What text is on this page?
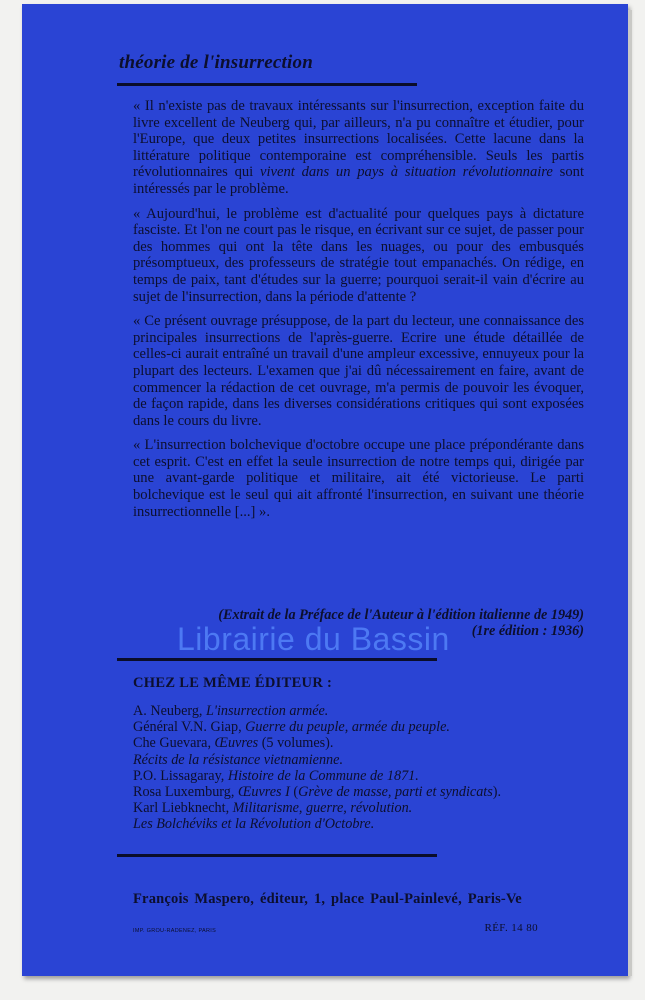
théorie de l'insurrection

« Il n'existe pas de travaux intéressants sur l'insurrection, exception faite du livre excellent de Neuberg qui, par ailleurs, n'a pu connaître et étudier, pour l'Europe, que deux petites insurrections localisées. Cette lacune dans la littérature politique contemporaine est compréhensible. Seuls les partis révolutionnaires qui vivent dans un pays à situation révolutionnaire sont intéressés par le problème.

« Aujourd'hui, le problème est d'actualité pour quelques pays à dictature fasciste. Et l'on ne court pas le risque, en écrivant sur ce sujet, de passer pour des hommes qui ont la tête dans les nuages, ou pour des embusqués présomptueux, des professeurs de stratégie tout empanachés. On rédige, en temps de paix, tant d'études sur la guerre; pourquoi serait-il vain d'écrire au sujet de l'insurrection, dans la période d'attente ?

« Ce présent ouvrage présuppose, de la part du lecteur, une connaissance des principales insurrections de l'après-guerre. Ecrire une étude détaillée de celles-ci aurait entraîné un travail d'une ampleur excessive, ennuyeux pour la plupart des lecteurs. L'examen que j'ai dû nécessairement en faire, avant de commencer la rédaction de cet ouvrage, m'a permis de pouvoir les évoquer, de façon rapide, dans les diverses considérations critiques qui sont exposées dans le cours du livre.

« L'insurrection bolchevique d'octobre occupe une place prépondérante dans cet esprit. C'est en effet la seule insurrection de notre temps qui, dirigée par une avant-garde politique et militaire, ait été victorieuse. Le parti bolchevique est le seul qui ait affronté l'insurrection, en suivant une théorie insurrectionnelle [...] ».

(Extrait de la Préface de l'Auteur à l'édition italienne de 1949)
(1re édition : 1936)
Librairie du Bassin
CHEZ LE MÊME ÉDITEUR :
A. Neuberg, L'insurrection armée.
Général V.N. Giap, Guerre du peuple, armée du peuple.
Che Guevara, Œuvres (5 volumes).
Récits de la résistance vietnamienne.
P.O. Lissagaray, Histoire de la Commune de 1871.
Rosa Luxemburg, Œuvres I (Grève de masse, parti et syndicats).
Karl Liebknecht, Militarisme, guerre, révolution.
Les Bolchéviks et la Révolution d'Octobre.
François Maspero, éditeur, 1, place Paul-Painlevé, Paris-Ve
IMP. GROU-RADENEZ, PARIS	RÉF. 14 80
